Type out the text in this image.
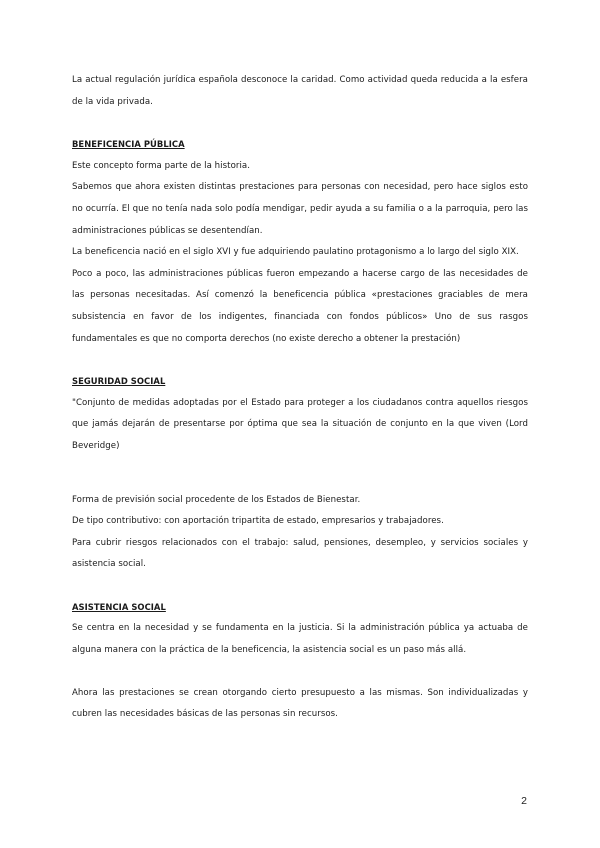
La actual regulación jurídica española desconoce la caridad. Como actividad queda reducida a la esfera de la vida privada.

BENEFICENCIA PÚBLICA

Este concepto forma parte de la historia.

Sabemos que ahora existen distintas prestaciones para personas con necesidad, pero hace siglos esto no ocurría. El que no tenía nada solo podía mendigar, pedir ayuda a su familia o a la parroquia, pero las administraciones públicas se desentendían.

La beneficencia nació en el siglo XVI y fue adquiriendo paulatino protagonismo a lo largo del siglo XIX.

Poco a poco, las administraciones públicas fueron empezando a hacerse cargo de las necesidades de las personas necesitadas. Así comenzó la beneficencia pública «prestaciones graciables de mera subsistencia en favor de los indigentes, financiada con fondos públicos» Uno de sus rasgos fundamentales es que no comporta derechos (no existe derecho a obtener la prestación)

SEGURIDAD SOCIAL

"Conjunto de medidas adoptadas por el Estado para proteger a los ciudadanos contra aquellos riesgos que jamás dejarán de presentarse por óptima que sea la situación de conjunto en la que viven (Lord Beveridge)

Forma de previsión social procedente de los Estados de Bienestar.

De tipo contributivo: con aportación tripartita de estado, empresarios y trabajadores.

Para cubrir riesgos relacionados con el trabajo: salud, pensiones, desempleo, y servicios sociales y asistencia social.

ASISTENCIA SOCIAL

Se centra en la necesidad y se fundamenta en la justicia. Si la administración pública ya actuaba de alguna manera con la práctica de la beneficencia, la asistencia social es un paso más allá.

Ahora las prestaciones se crean otorgando cierto presupuesto a las mismas. Son individualizadas y cubren las necesidades básicas de las personas sin recursos.

2
